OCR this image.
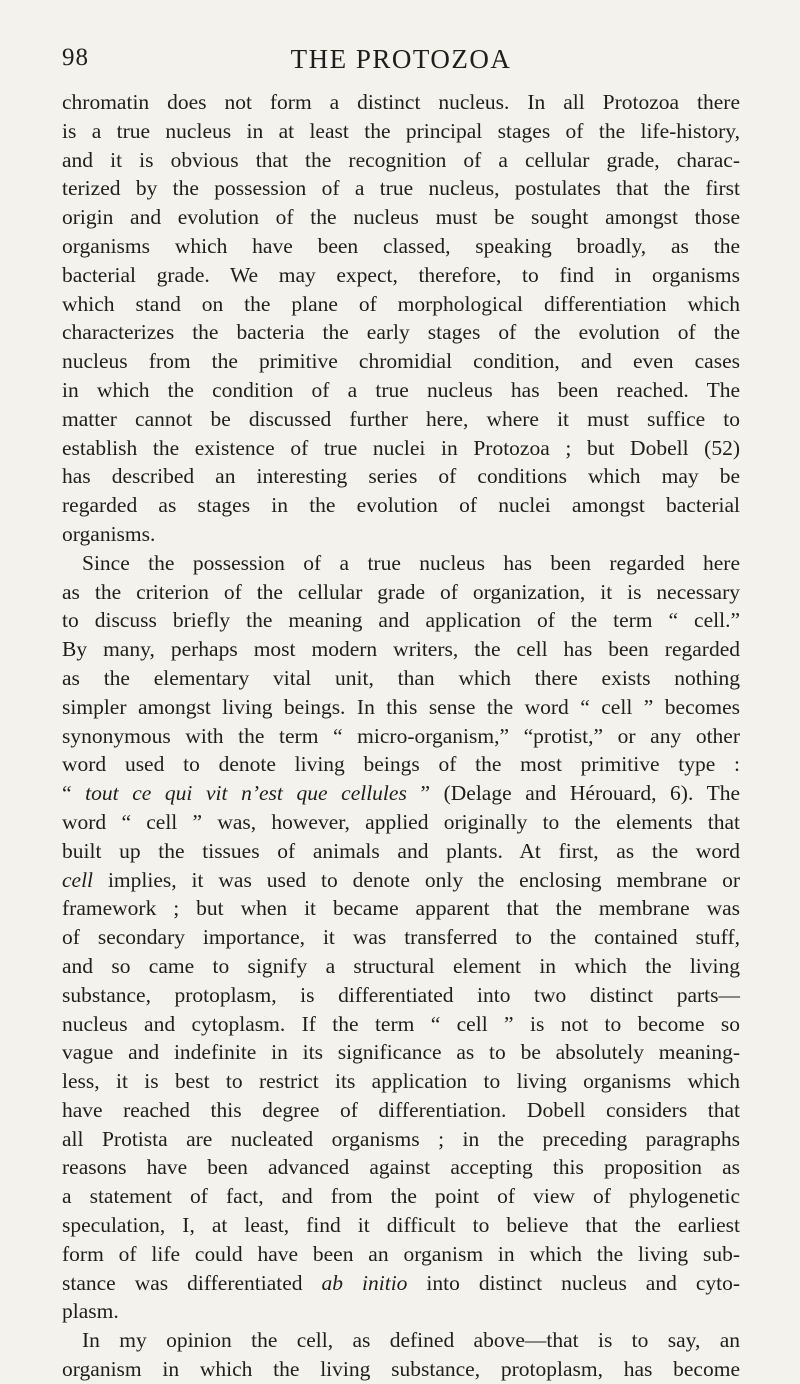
98	THE PROTOZOA
chromatin does not form a distinct nucleus. In all Protozoa there
is a true nucleus in at least the principal stages of the life-history,
and it is obvious that the recognition of a cellular grade, charac-
terized by the possession of a true nucleus, postulates that the first
origin and evolution of the nucleus must be sought amongst those
organisms which have been classed, speaking broadly, as the
bacterial grade. We may expect, therefore, to find in organisms
which stand on the plane of morphological differentiation which
characterizes the bacteria the early stages of the evolution of the
nucleus from the primitive chromidial condition, and even cases
in which the condition of a true nucleus has been reached. The
matter cannot be discussed further here, where it must suffice to
establish the existence of true nuclei in Protozoa ; but Dobell (52)
has described an interesting series of conditions which may be
regarded as stages in the evolution of nuclei amongst bacterial
organisms.
Since the possession of a true nucleus has been regarded here
as the criterion of the cellular grade of organization, it is necessary
to discuss briefly the meaning and application of the term “ cell.”
By many, perhaps most modern writers, the cell has been regarded
as the elementary vital unit, than which there exists nothing
simpler amongst living beings. In this sense the word “ cell ” becomes
synonymous with the term “ micro-organism,” “protist,” or any other
word used to denote living beings of the most primitive type :
“ tout ce qui vit n’est que cellules ” (Delage and Hérouard, 6). The
word “ cell ” was, however, applied originally to the elements that
built up the tissues of animals and plants. At first, as the word
cell implies, it was used to denote only the enclosing membrane or
framework ; but when it became apparent that the membrane was
of secondary importance, it was transferred to the contained stuff,
and so came to signify a structural element in which the living
substance, protoplasm, is differentiated into two distinct parts—
nucleus and cytoplasm. If the term “ cell ” is not to become so
vague and indefinite in its significance as to be absolutely meaning-
less, it is best to restrict its application to living organisms which
have reached this degree of differentiation. Dobell considers that
all Protista are nucleated organisms ; in the preceding paragraphs
reasons have been advanced against accepting this proposition as
a statement of fact, and from the point of view of phylogenetic
speculation, I, at least, find it difficult to believe that the earliest
form of life could have been an organism in which the living sub-
stance was differentiated ab initio into distinct nucleus and cyto-
plasm.
In my opinion the cell, as defined above—that is to say, an
organism in which the living substance, protoplasm, has become
